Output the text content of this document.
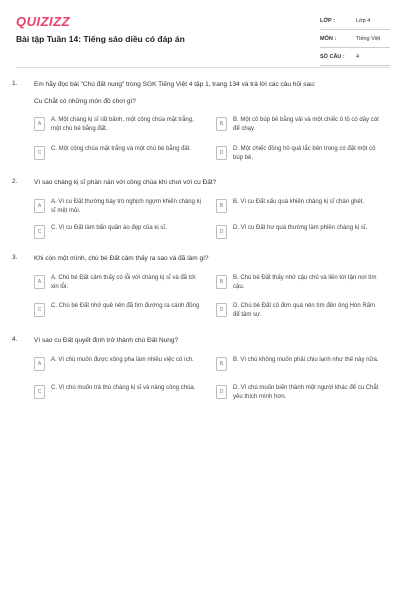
QUIZIZZ
Bài tập Tuần 14: Tiếng sáo diều có đáp án
LỚP :	Lớp 4
MÔN :	Tiếng Việt
SỐ CÂU :	4
1.	Em hãy đọc bài "Chú đất nung" trong SGK Tiếng Việt 4 tập 1, trang 134 và trả lời các câu hỏi sau:
Cu Chắt có những món đồ chơi gì?
A
A. Một chàng kị sĩ rất bảnh, một công chúa mặt trắng, một chú bé bằng đất.
B
B. Một cô búp bê bằng vải và một chiếc ô tô có dây cót để chạy.
C
C. Một công chúa mặt trắng và một chú bé bằng đất.
D
D. Một chiếc đồng hồ quả lắc bên trong có đặt một cô búp bê.
2.	Vì sao chàng kị sĩ phàn nàn với công chúa khi chơi với cu Đất?
A
A. Vì cu Đất thường bày trò nghịch ngợm khiến chàng kị sĩ mệt mỏi.
B
B. Vì cu Đất xấu quá khiến chàng kị sĩ chán ghét.
C
C. Vì cu Đất làm bẩn quần áo đẹp của kị sĩ.
D
D. Vì cu Đất hư quá thường làm phiền chàng kị sĩ.
3.	Khi còn một mình, chú bé Đất cảm thấy ra sao và đã làm gì?
A
A. Chú bé Đất cảm thấy có lỗi với chàng kị sĩ và đã tới xin lỗi.
B
B. Chú bé Đất thấy nhớ cậu chủ và liền tới tận nơi tìm cậu.
C
C. Chú bé Đất nhớ quê nên đã tìm đường ra cánh đồng
D
D. Chú bé Đất cô đơn quá nên tìm đến ông Hòn Rấm để tâm sự.
4.	Vì sao cu Đất quyết định trở thành chú Đất Nung?
A
A. Vì chú muốn được xông pha làm nhiều việc có ích.
B
B. Vì chú không muốn phải chịu lạnh như thế này nữa.
C
C. Vì chú muốn trả thù chàng kị sĩ và nàng công chúa.
D
D. Vì chú muốn biến thành một người khác để cu Chắt yêu thích mình hơn.
